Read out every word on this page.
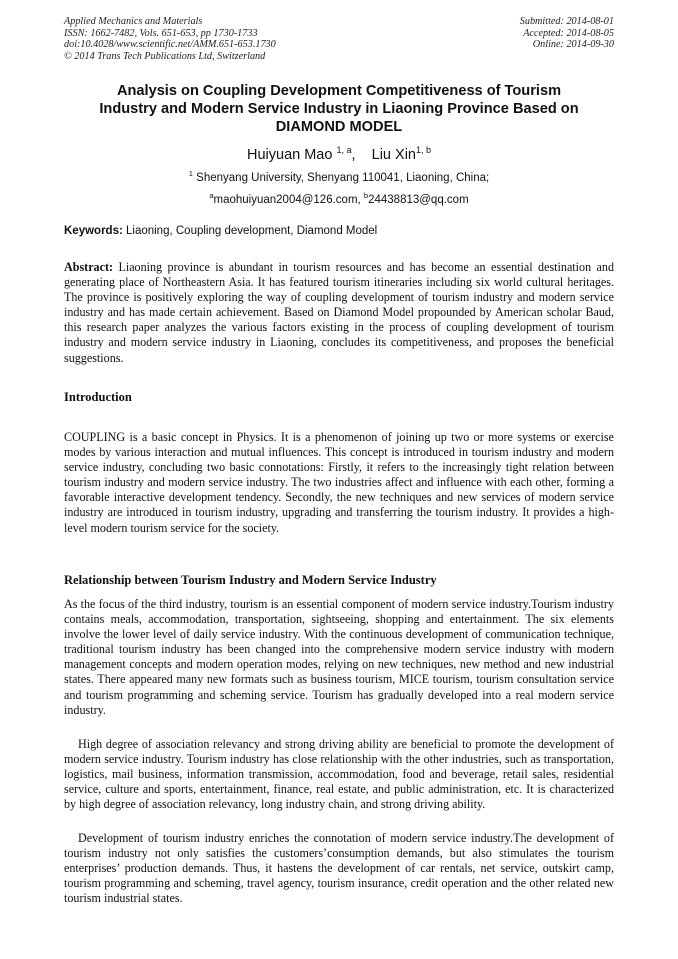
Applied Mechanics and Materials
ISSN: 1662-7482, Vols. 651-653, pp 1730-1733
doi:10.4028/www.scientific.net/AMM.651-653.1730
© 2014 Trans Tech Publications Ltd, Switzerland
Submitted: 2014-08-01
Accepted: 2014-08-05
Online: 2014-09-30
Analysis on Coupling Development Competitiveness of Tourism
Industry and Modern Service Industry in Liaoning Province Based on
DIAMOND MODEL
Huiyuan Mao $^{1, a}$, Liu Xin$^{1, b}$
$^1$ Shenyang University, Shenyang 110041, Liaoning, China;
$^a$maohuiyuan2004@126.com, $^b$24438813@qq.com
Keywords: Liaoning, Coupling development, Diamond Model
Abstract: Liaoning province is abundant in tourism resources and has become an essential destination and generating place of Northeastern Asia. It has featured tourism itineraries including six world cultural heritages. The province is positively exploring the way of coupling development of tourism industry and modern service industry and has made certain achievement. Based on Diamond Model propounded by American scholar Baud, this research paper analyzes the various factors existing in the process of coupling development of tourism industry and modern service industry in Liaoning, concludes its competitiveness, and proposes the beneficial suggestions.
Introduction
COUPLING is a basic concept in Physics. It is a phenomenon of joining up two or more systems or exercise modes by various interaction and mutual influences. This concept is introduced in tourism industry and modern service industry, concluding two basic connotations: Firstly, it refers to the increasingly tight relation between tourism industry and modern service industry. The two industries affect and influence with each other, forming a favorable interactive development tendency. Secondly, the new techniques and new services of modern service industry are introduced in tourism industry, upgrading and transferring the tourism industry. It provides a high-level modern tourism service for the society.
Relationship between Tourism Industry and Modern Service Industry
As the focus of the third industry, tourism is an essential component of modern service industry.Tourism industry contains meals, accommodation, transportation, sightseeing, shopping and entertainment. The six elements involve the lower level of daily service industry. With the continuous development of communication technique, traditional tourism industry has been changed into the comprehensive modern service industry with modern management concepts and modern operation modes, relying on new techniques, new method and new industrial states. There appeared many new formats such as business tourism, MICE tourism, tourism consultation service and tourism programming and scheming service. Tourism has gradually developed into a real modern service industry.
High degree of association relevancy and strong driving ability are beneficial to promote the development of modern service industry. Tourism industry has close relationship with the other industries, such as transportation, logistics, mail business, information transmission, accommodation, food and beverage, retail sales, residential service, culture and sports, entertainment, finance, real estate, and public administration, etc. It is characterized by high degree of association relevancy, long industry chain, and strong driving ability.
Development of tourism industry enriches the connotation of modern service industry.The development of tourism industry not only satisfies the customers’consumption demands, but also stimulates the tourism enterprises’ production demands. Thus, it hastens the development of car rentals, net service, outskirt camp, tourism programming and scheming, travel agency, tourism insurance, credit operation and the other related new tourism industrial states.
